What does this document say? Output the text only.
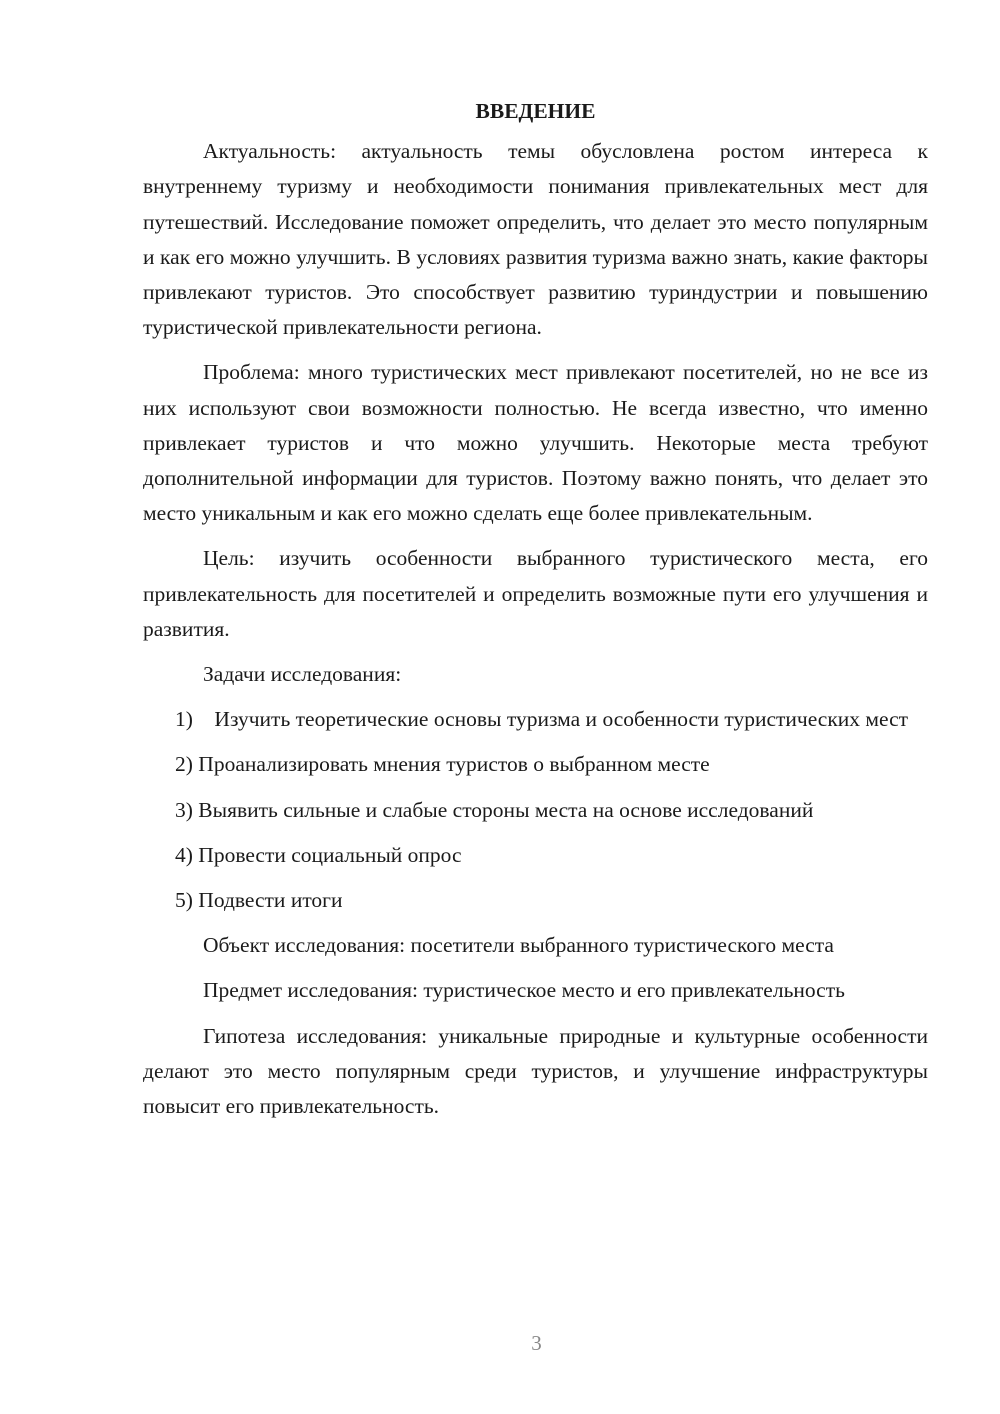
ВВЕДЕНИЕ

Актуальность: актуальность темы обусловлена ростом интереса к внутреннему туризму и необходимости понимания привлекательных мест для путешествий. Исследование поможет определить, что делает это место популярным и как его можно улучшить. В условиях развития туризма важно знать, какие факторы привлекают туристов. Это способствует развитию туриндустрии и повышению туристической привлекательности региона.

Проблема: много туристических мест привлекают посетителей, но не все из них используют свои возможности полностью. Не всегда известно, что именно привлекает туристов и что можно улучшить. Некоторые места требуют дополнительной информации для туристов. Поэтому важно понять, что делает это место уникальным и как его можно сделать еще более привлекательным.

Цель: изучить особенности выбранного туристического места, его привлекательность для посетителей и определить возможные пути его улучшения и развития.

Задачи исследования:

1) Изучить теоретические основы туризма и особенности туристических мест

2) Проанализировать мнения туристов о выбранном месте

3) Выявить сильные и слабые стороны места на основе исследований

4) Провести социальный опрос

5) Подвести итоги

Объект исследования: посетители выбранного туристического места

Предмет исследования: туристическое место и его привлекательность

Гипотеза исследования: уникальные природные и культурные особенности делают это место популярным среди туристов, и улучшение инфраструктуры повысит его привлекательность.

3
